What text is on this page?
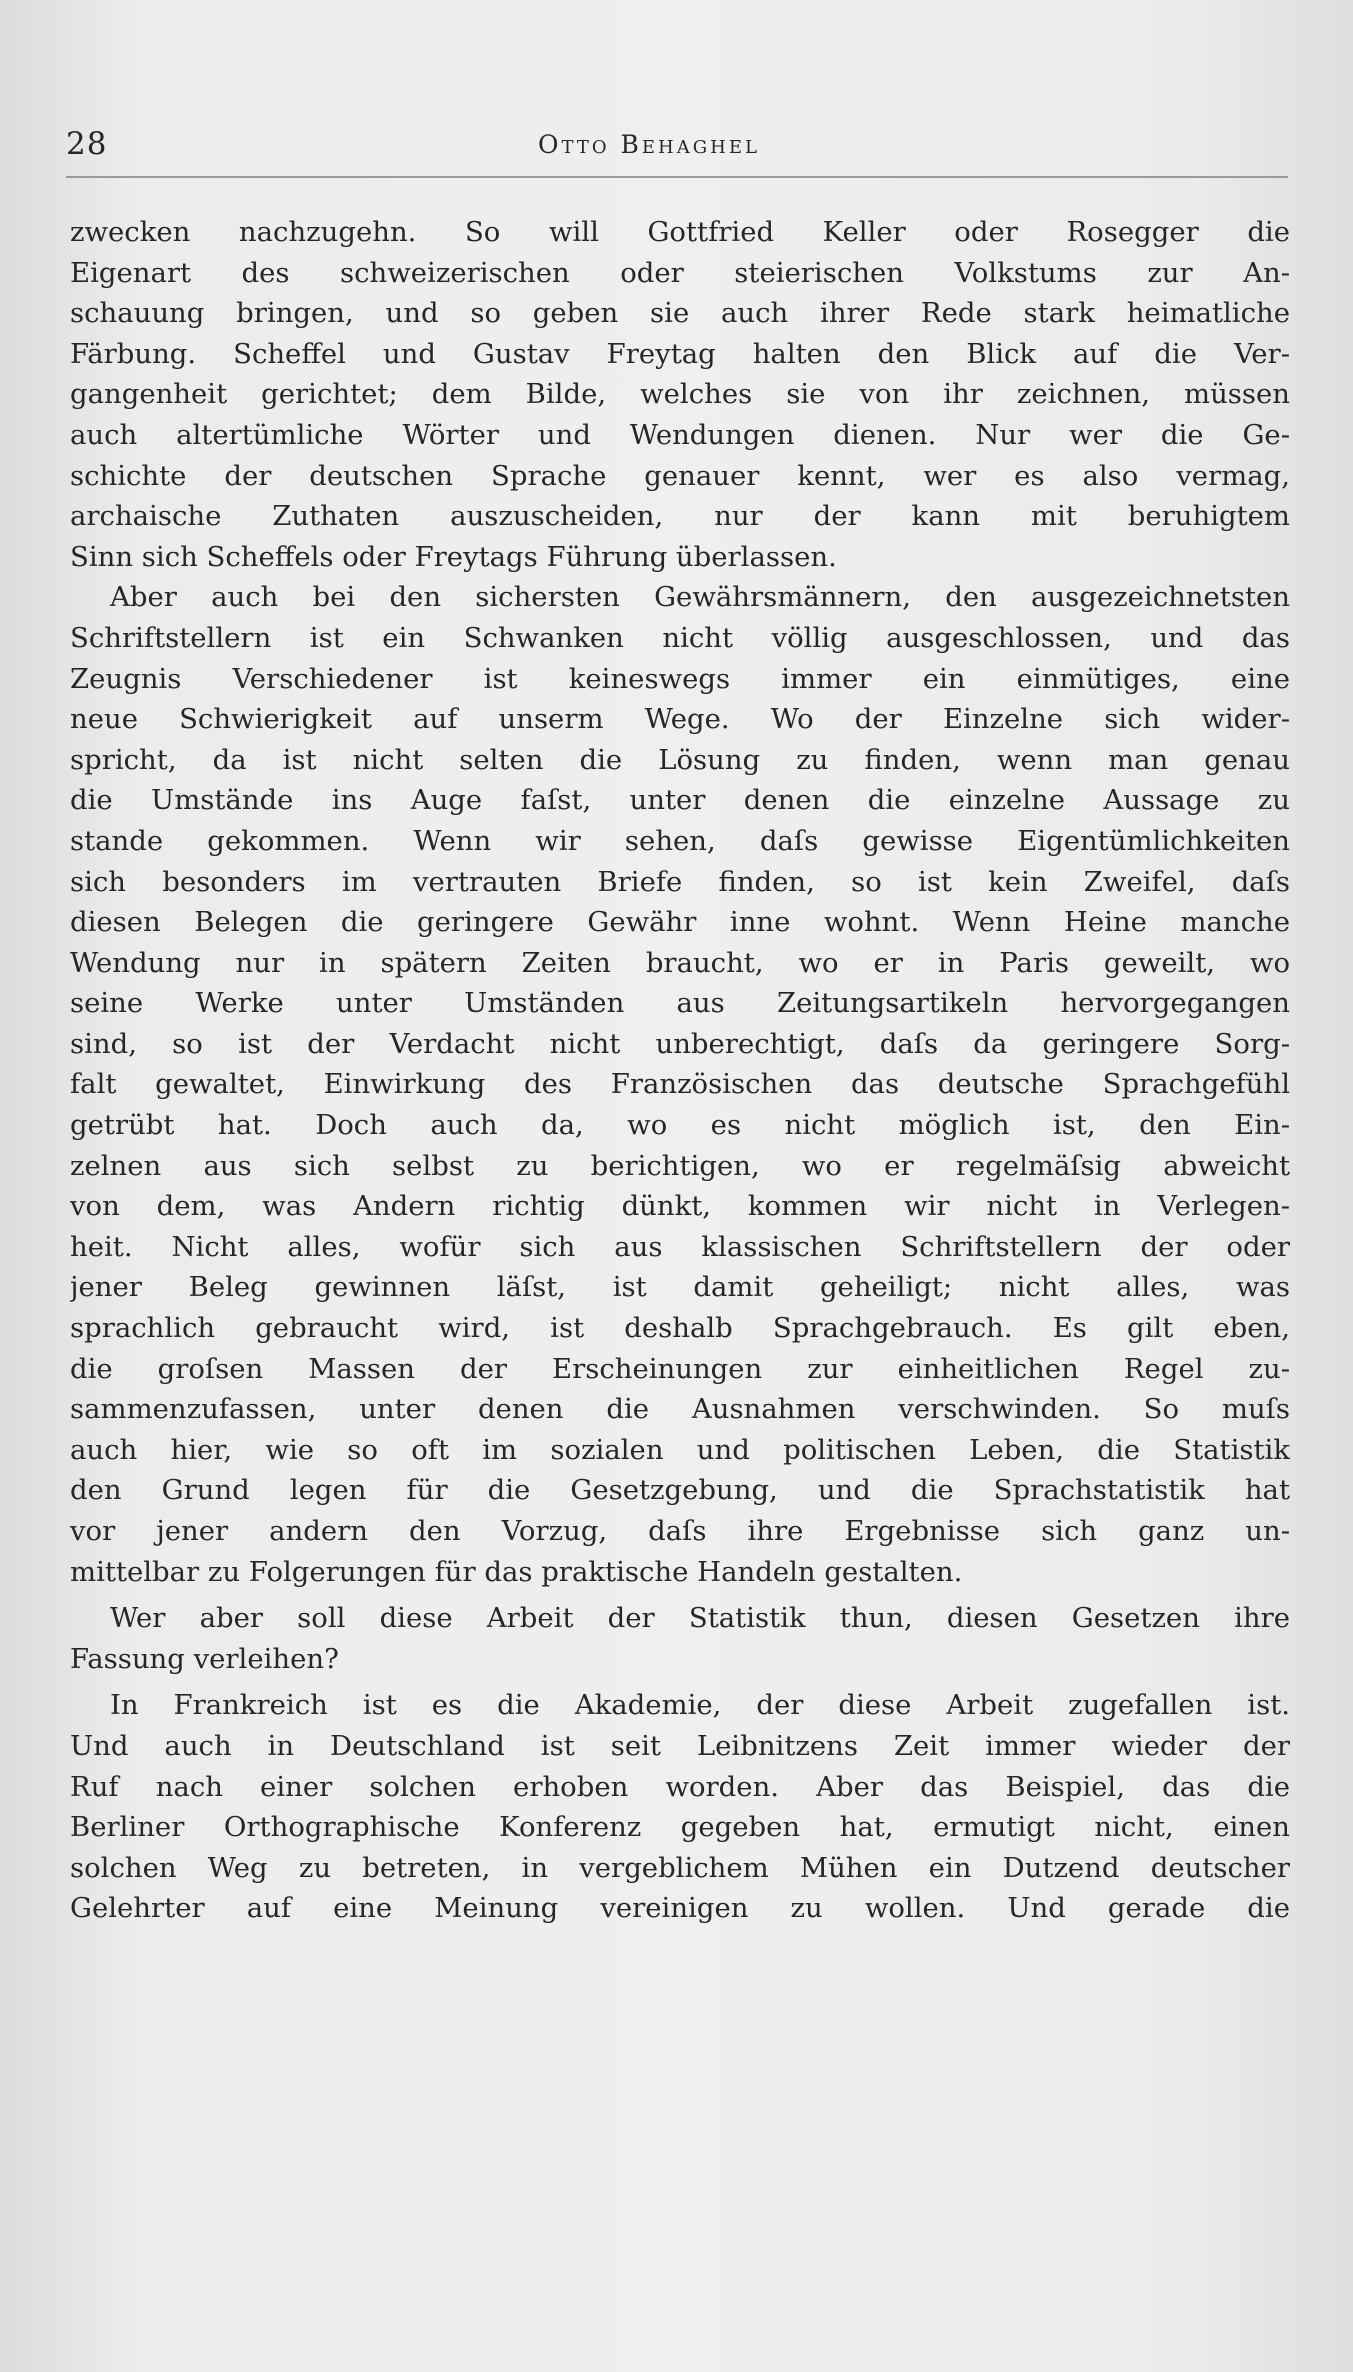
28	Otto Behaghel
zwecken nachzugehn. So will Gottfried Keller oder Rosegger die
Eigenart des schweizerischen oder steierischen Volkstums zur An-
schauung bringen, und so geben sie auch ihrer Rede stark heimatliche
Färbung. Scheffel und Gustav Freytag halten den Blick auf die Ver-
gangenheit gerichtet; dem Bilde, welches sie von ihr zeichnen, müssen
auch altertümliche Wörter und Wendungen dienen. Nur wer die Ge-
schichte der deutschen Sprache genauer kennt, wer es also vermag,
archaische Zuthaten auszuscheiden, nur der kann mit beruhigtem
Sinn sich Scheffels oder Freytags Führung überlassen.
Aber auch bei den sichersten Gewährsmännern, den ausgezeichnetsten
Schriftstellern ist ein Schwanken nicht völlig ausgeschlossen, und das
Zeugnis Verschiedener ist keineswegs immer ein einmütiges, eine
neue Schwierigkeit auf unserm Wege. Wo der Einzelne sich wider-
spricht, da ist nicht selten die Lösung zu finden, wenn man genau
die Umstände ins Auge faſst, unter denen die einzelne Aussage zu
stande gekommen. Wenn wir sehen, daſs gewisse Eigentümlichkeiten
sich besonders im vertrauten Briefe finden, so ist kein Zweifel, daſs
diesen Belegen die geringere Gewähr inne wohnt. Wenn Heine manche
Wendung nur in spätern Zeiten braucht, wo er in Paris geweilt, wo
seine Werke unter Umständen aus Zeitungsartikeln hervorgegangen
sind, so ist der Verdacht nicht unberechtigt, daſs da geringere Sorg-
falt gewaltet, Einwirkung des Französischen das deutsche Sprachgefühl
getrübt hat. Doch auch da, wo es nicht möglich ist, den Ein-
zelnen aus sich selbst zu berichtigen, wo er regelmäſsig abweicht
von dem, was Andern richtig dünkt, kommen wir nicht in Verlegen-
heit. Nicht alles, wofür sich aus klassischen Schriftstellern der oder
jener Beleg gewinnen läſst, ist damit geheiligt; nicht alles, was
sprachlich gebraucht wird, ist deshalb Sprachgebrauch. Es gilt eben,
die groſsen Massen der Erscheinungen zur einheitlichen Regel zu-
sammenzufassen, unter denen die Ausnahmen verschwinden. So muſs
auch hier, wie so oft im sozialen und politischen Leben, die Statistik
den Grund legen für die Gesetzgebung, und die Sprachstatistik hat
vor jener andern den Vorzug, daſs ihre Ergebnisse sich ganz un-
mittelbar zu Folgerungen für das praktische Handeln gestalten.
Wer aber soll diese Arbeit der Statistik thun, diesen Gesetzen ihre
Fassung verleihen?
In Frankreich ist es die Akademie, der diese Arbeit zugefallen ist.
Und auch in Deutschland ist seit Leibnitzens Zeit immer wieder der
Ruf nach einer solchen erhoben worden. Aber das Beispiel, das die
Berliner Orthographische Konferenz gegeben hat, ermutigt nicht, einen
solchen Weg zu betreten, in vergeblichem Mühen ein Dutzend deutscher
Gelehrter auf eine Meinung vereinigen zu wollen. Und gerade die
